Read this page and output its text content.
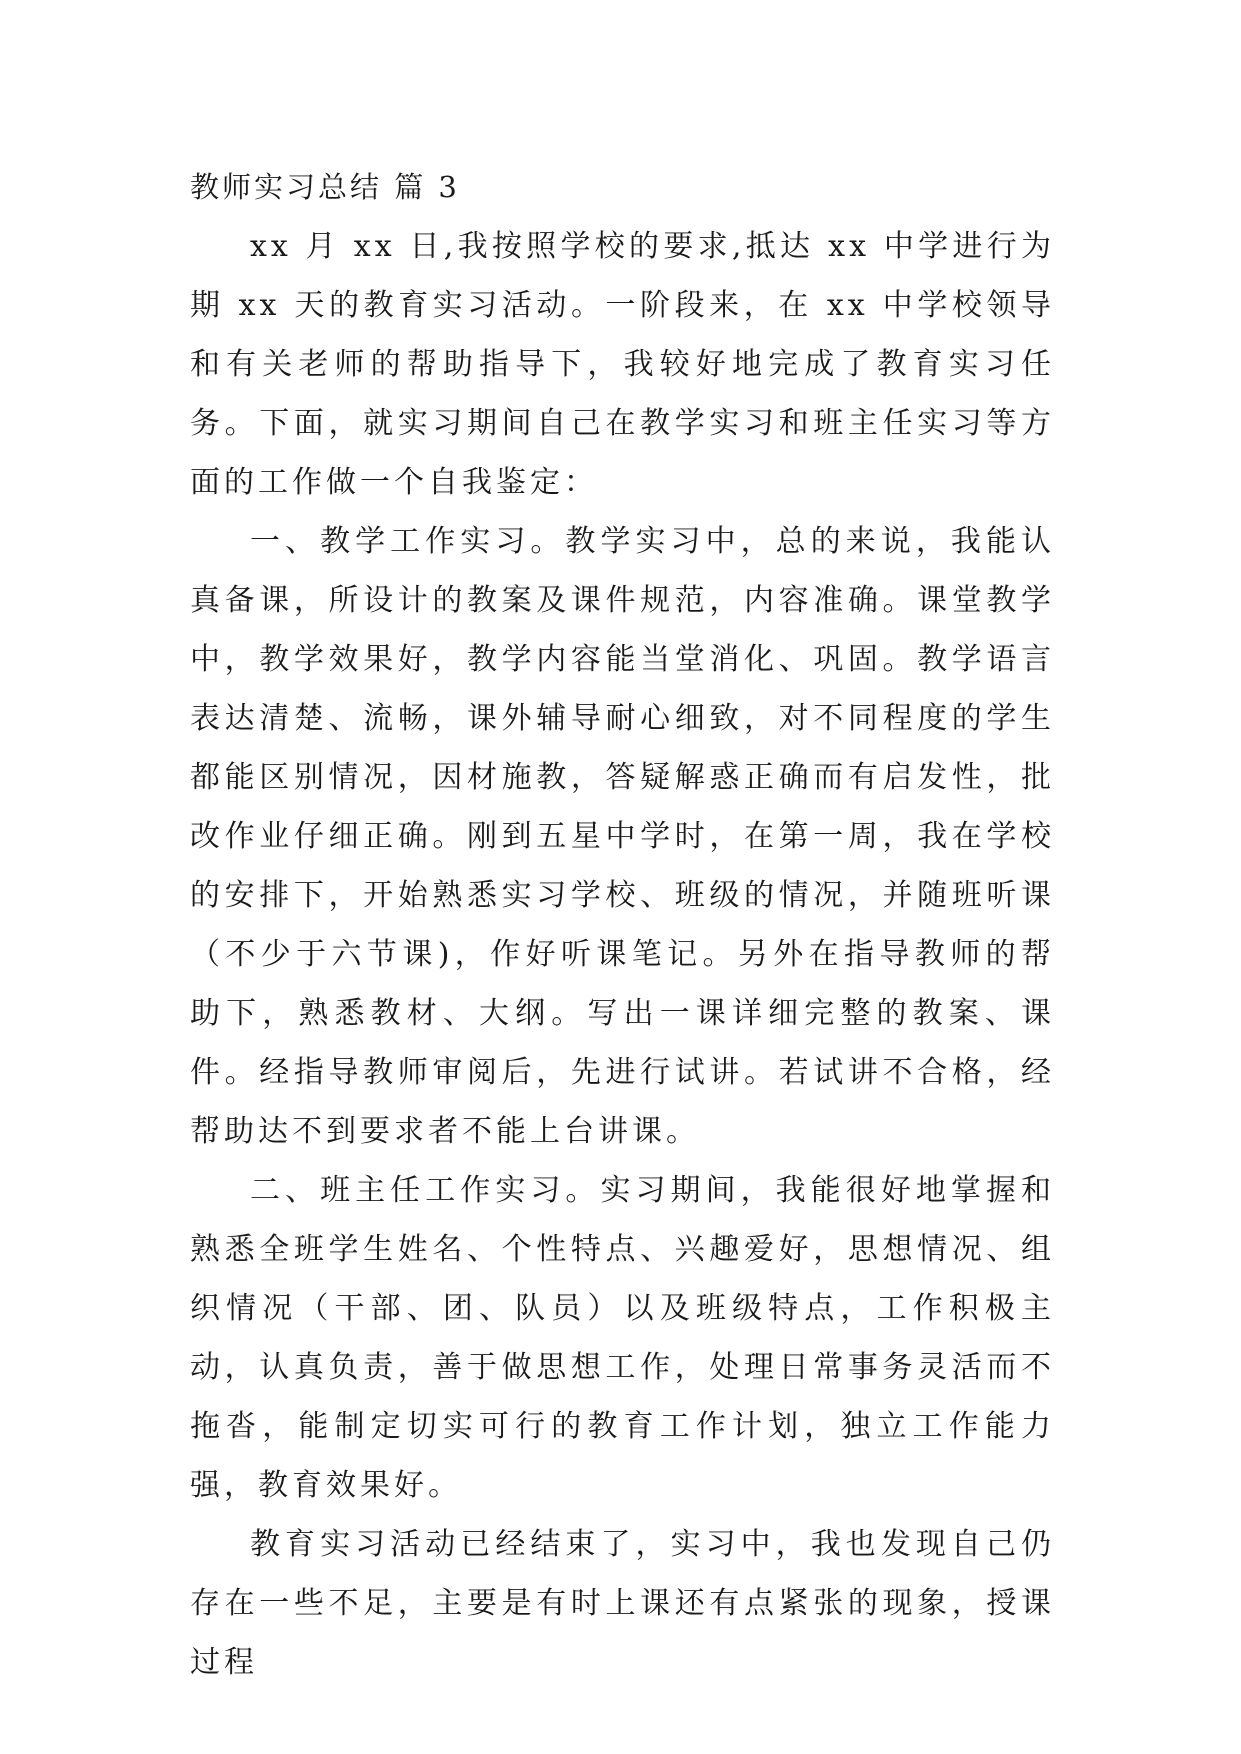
教师实习总结 篇 3

xx 月 xx 日,我按照学校的要求,抵达 xx 中学进行为期 xx 天的教育实习活动。一阶段来，在 xx 中学校领导和有关老师的帮助指导下，我较好地完成了教育实习任务。下面，就实习期间自己在教学实习和班主任实习等方面的工作做一个自我鉴定：

一、教学工作实习。教学实习中，总的来说，我能认真备课，所设计的教案及课件规范，内容准确。课堂教学中，教学效果好，教学内容能当堂消化、巩固。教学语言表达清楚、流畅，课外辅导耐心细致，对不同程度的学生都能区别情况，因材施教，答疑解惑正确而有启发性，批改作业仔细正确。刚到五星中学时，在第一周，我在学校的安排下，开始熟悉实习学校、班级的情况，并随班听课（不少于六节课)，作好听课笔记。另外在指导教师的帮助下，熟悉教材、大纲。写出一课详细完整的教案、课件。经指导教师审阅后，先进行试讲。若试讲不合格，经帮助达不到要求者不能上台讲课。

二、班主任工作实习。实习期间，我能很好地掌握和熟悉全班学生姓名、个性特点、兴趣爱好，思想情况、组织情况（干部、团、队员）以及班级特点，工作积极主动，认真负责，善于做思想工作，处理日常事务灵活而不拖沓，能制定切实可行的教育工作计划，独立工作能力强，教育效果好。

教育实习活动已经结束了，实习中，我也发现自己仍存在一些不足，主要是有时上课还有点紧张的现象，授课过程
